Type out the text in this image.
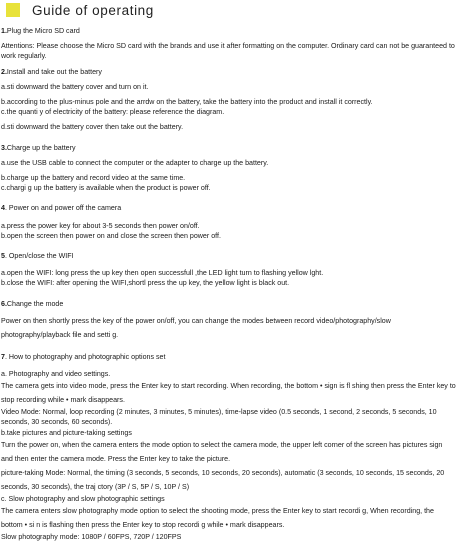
Guide of operating

1.Plug the Micro SD card

Attentions: Please choose the Micro SD card with the brands and use it after formatting on the computer. Ordinary card can not be guaranteed to work regularly.

2.Install and take out the battery

a.sti downward the battery cover and turn on it.

b.according to the plus-minus pole and the arrdw on the battery, take the battery into the product and install it correctly.

c.the quanti y of electricity of the battery: please reference the diagram.

d.sti downward the battery cover then take out the battery.

3.Charge up the battery

a.use the USB cable to connect the computer or the adapter to charge up the battery.

b.charge up the battery and record video at the same time.

c.chargi g up the battery is available when the product is power off.

4. Power on and power off the camera

a.press the power key for about 3-5 seconds then power on/off.

b.open the screen then power on and close the screen then power off.

5. Open/close the WIFI

a.open the WIFI: long press the up key then open successfull ,the LED light turn to flashing yellow lght.

b.close the WIFI: after opening the WIFI,shortl press the up key, the yellow light is black out.

6.Change the mode

Power on then shortly press the key of the power on/off, you can change the modes between record video/photography/slow photography/playback file and setti g.

7. How to photography and photographic options set

a. Photography and video settings.

The camera gets into video mode, press the Enter key to start recording. When recording, the bottom • sign is fl shing then press the Enter key to stop recording while • mark disappears.

Video Mode: Normal, loop recording (2 minutes, 3 minutes, 5 minutes), time-lapse video (0.5 seconds, 1 second, 2 seconds, 5 seconds, 10 seconds, 30 seconds, 60 seconds).

b.take pictures and picture-taking settings

Turn the power on, when the camera enters the mode option to select the camera mode, the upper left corner of the screen has pictures sign and then enter the camera mode. Press the Enter key to take the picture.

picture-taking Mode: Normal, the timing (3 seconds, 5 seconds, 10 seconds, 20 seconds), automatic (3 seconds, 10 seconds, 15 seconds, 20 seconds, 30 seconds), the traj ctory (3P / S, 5P / S, 10P / S)

c. Slow photography and slow photographic settings

The camera enters slow photography mode option to select the shooting mode, press the Enter key to start recordi g, When recording, the bottom • si n is flashing then press the Enter key to stop recordi g while • mark disappears.

Slow photography mode: 1080P / 60FPS, 720P / 120FPS
